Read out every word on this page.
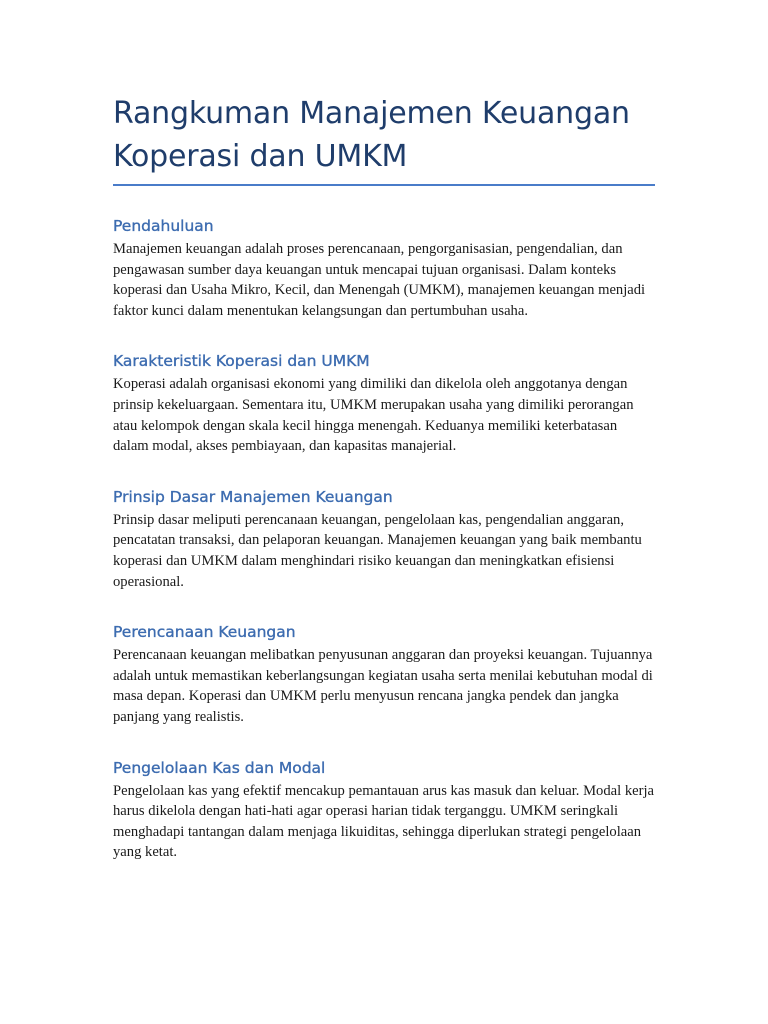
Rangkuman Manajemen Keuangan Koperasi dan UMKM
Pendahuluan

Manajemen keuangan adalah proses perencanaan, pengorganisasian, pengendalian, dan pengawasan sumber daya keuangan untuk mencapai tujuan organisasi. Dalam konteks koperasi dan Usaha Mikro, Kecil, dan Menengah (UMKM), manajemen keuangan menjadi faktor kunci dalam menentukan kelangsungan dan pertumbuhan usaha.

Karakteristik Koperasi dan UMKM

Koperasi adalah organisasi ekonomi yang dimiliki dan dikelola oleh anggotanya dengan prinsip kekeluargaan. Sementara itu, UMKM merupakan usaha yang dimiliki perorangan atau kelompok dengan skala kecil hingga menengah. Keduanya memiliki keterbatasan dalam modal, akses pembiayaan, dan kapasitas manajerial.

Prinsip Dasar Manajemen Keuangan

Prinsip dasar meliputi perencanaan keuangan, pengelolaan kas, pengendalian anggaran, pencatatan transaksi, dan pelaporan keuangan. Manajemen keuangan yang baik membantu koperasi dan UMKM dalam menghindari risiko keuangan dan meningkatkan efisiensi operasional.

Perencanaan Keuangan

Perencanaan keuangan melibatkan penyusunan anggaran dan proyeksi keuangan. Tujuannya adalah untuk memastikan keberlangsungan kegiatan usaha serta menilai kebutuhan modal di masa depan. Koperasi dan UMKM perlu menyusun rencana jangka pendek dan jangka panjang yang realistis.

Pengelolaan Kas dan Modal

Pengelolaan kas yang efektif mencakup pemantauan arus kas masuk dan keluar. Modal kerja harus dikelola dengan hati-hati agar operasi harian tidak terganggu. UMKM seringkali menghadapi tantangan dalam menjaga likuiditas, sehingga diperlukan strategi pengelolaan yang ketat.
